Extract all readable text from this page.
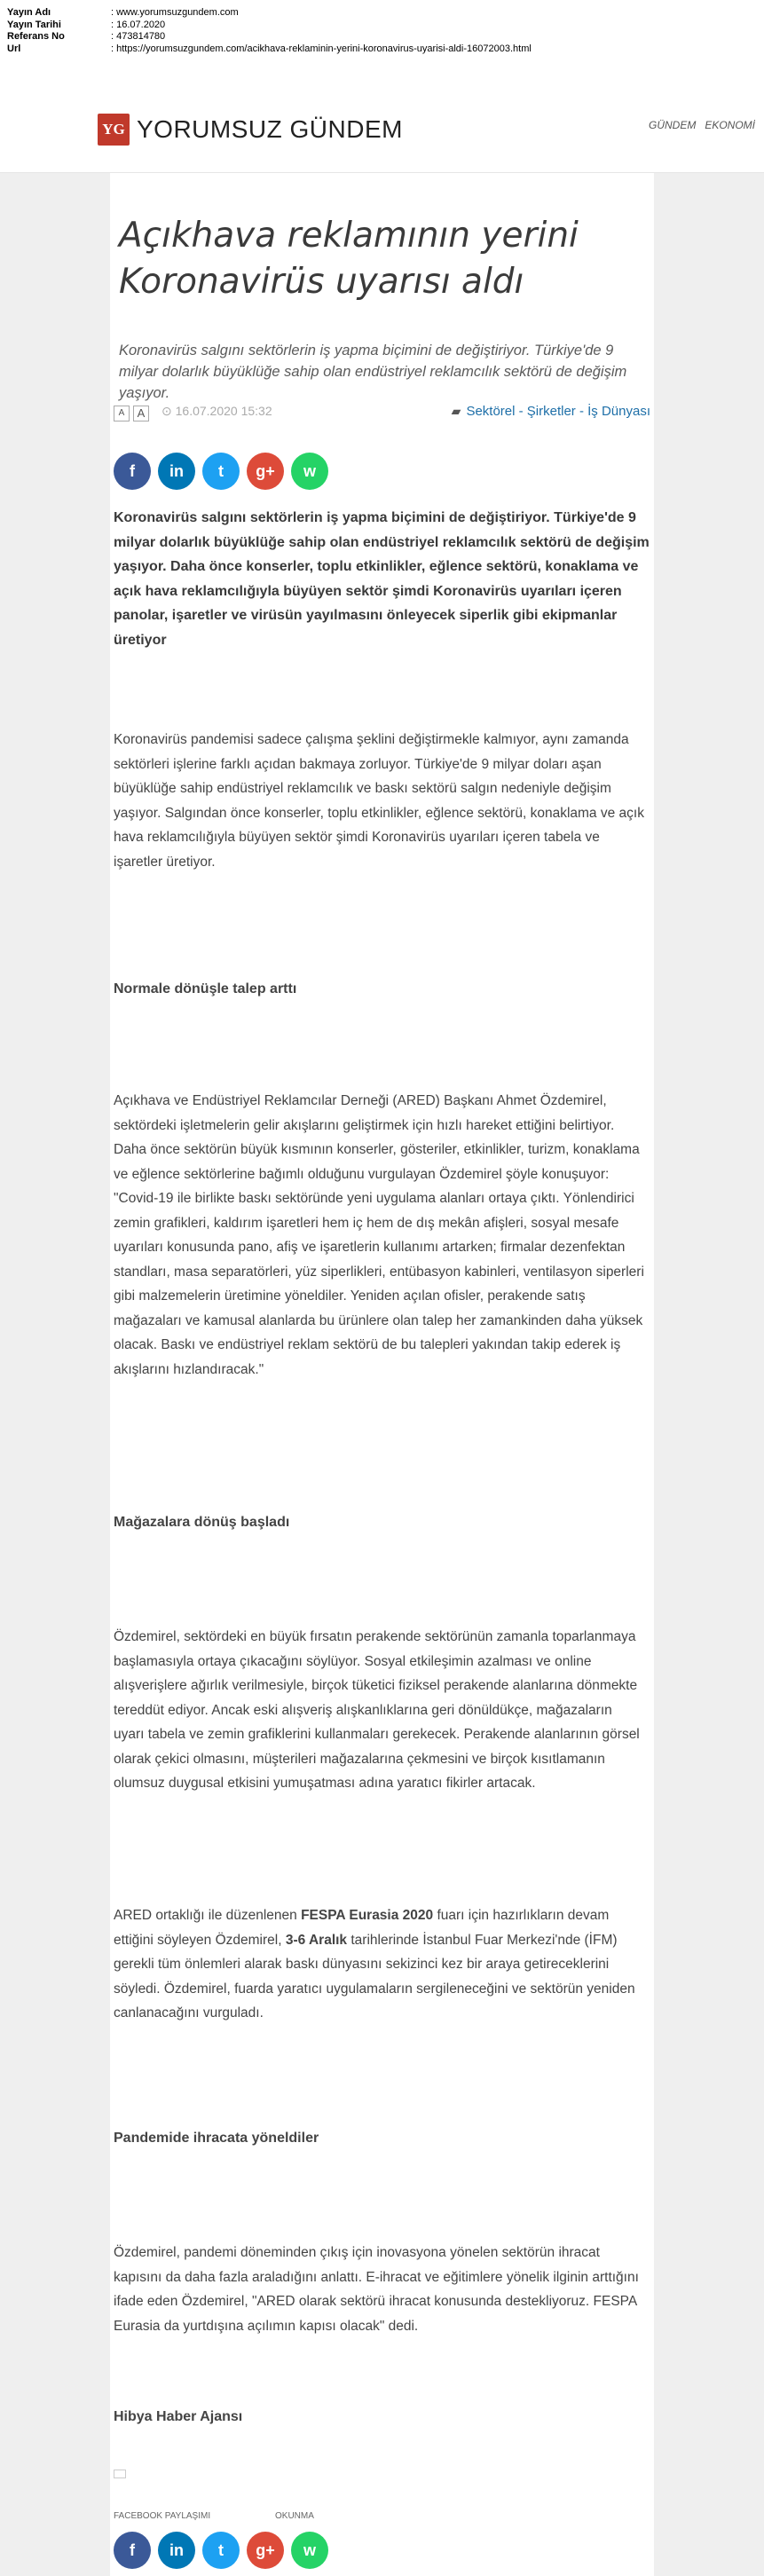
Yayın Adı	: www.yorumsuzgundem.com
Yayın Tarihi	: 16.07.2020
Referans No	: 473814780
Url	: https://yorumsuzgundem.com/acikhava-reklaminin-yerini-koronavirus-uyarisi-aldi-16072003.html
YG YORUMSUZ GÜNDEM	GÜNDEM EKONOMİ
Açıkhava reklamının yerini Koronavirüs uyarısı aldı
Koronavirüs salgını sektörlerin iş yapma biçimini de değiştiriyor. Türkiye'de 9 milyar dolarlık büyüklüğe sahip olan endüstriyel reklamcılık sektörü de değişim yaşıyor.
A	A	⊙ 16.07.2020 15:32	▰ Sektörel - Şirketler - İş Dünyası
f in t g+ w
Koronavirüs salgını sektörlerin iş yapma biçimini de değiştiriyor. Türkiye'de 9 milyar dolarlık büyüklüğe sahip olan endüstriyel reklamcılık sektörü de değişim yaşıyor. Daha önce konserler, toplu etkinlikler, eğlence sektörü, konaklama ve açık hava reklamcılığıyla büyüyen sektör şimdi Koronavirüs uyarıları içeren panolar, işaretler ve virüsün yayılmasını önleyecek siperlik gibi ekipmanlar üretiyor

Koronavirüs pandemisi sadece çalışma şeklini değiştirmekle kalmıyor, aynı zamanda sektörleri işlerine farklı açıdan bakmaya zorluyor. Türkiye'de 9 milyar doları aşan büyüklüğe sahip endüstriyel reklamcılık ve baskı sektörü salgın nedeniyle değişim yaşıyor. Salgından önce konserler, toplu etkinlikler, eğlence sektörü, konaklama ve açık hava reklamcılığıyla büyüyen sektör şimdi Koronavirüs uyarıları içeren tabela ve işaretler üretiyor.

Normale dönüşle talep arttı

Açıkhava ve Endüstriyel Reklamcılar Derneği (ARED) Başkanı Ahmet Özdemirel, sektördeki işletmelerin gelir akışlarını geliştirmek için hızlı hareket ettiğini belirtiyor. Daha önce sektörün büyük kısmının konserler, gösteriler, etkinlikler, turizm, konaklama ve eğlence sektörlerine bağımlı olduğunu vurgulayan Özdemirel şöyle konuşuyor: "Covid-19 ile birlikte baskı sektöründe yeni uygulama alanları ortaya çıktı. Yönlendirici zemin grafikleri, kaldırım işaretleri hem iç hem de dış mekân afişleri, sosyal mesafe uyarıları konusunda pano, afiş ve işaretlerin kullanımı artarken; firmalar dezenfektan standları, masa separatörleri, yüz siperlikleri, entübasyon kabinleri, ventilasyon siperleri gibi malzemelerin üretimine yöneldiler. Yeniden açılan ofisler, perakende satış mağazaları ve kamusal alanlarda bu ürünlere olan talep her zamankinden daha yüksek olacak. Baskı ve endüstriyel reklam sektörü de bu talepleri yakından takip ederek iş akışlarını hızlandıracak."

Mağazalara dönüş başladı

Özdemirel, sektördeki en büyük fırsatın perakende sektörünün zamanla toparlanmaya başlamasıyla ortaya çıkacağını söylüyor. Sosyal etkileşimin azalması ve online alışverişlere ağırlık verilmesiyle, birçok tüketici fiziksel perakende alanlarına dönmekte tereddüt ediyor. Ancak eski alışveriş alışkanlıklarına geri dönüldükçe, mağazaların uyarı tabela ve zemin grafiklerini kullanmaları gerekecek. Perakende alanlarının görsel olarak çekici olmasını, müşterileri mağazalarına çekmesini ve birçok kısıtlamanın olumsuz duygusal etkisini yumuşatması adına yaratıcı fikirler artacak.

ARED ortaklığı ile düzenlenen FESPA Eurasia 2020 fuarı için hazırlıkların devam ettiğini söyleyen Özdemirel, 3-6 Aralık tarihlerinde İstanbul Fuar Merkezi'nde (İFM) gerekli tüm önlemleri alarak baskı dünyasını sekizinci kez bir araya getireceklerini söyledi. Özdemirel, fuarda yaratıcı uygulamaların sergileneceğini ve sektörün yeniden canlanacağını vurguladı.

Pandemide ihracata yöneldiler

Özdemirel, pandemi döneminden çıkış için inovasyona yönelen sektörün ihracat kapısını da daha fazla araladığını anlattı. E-ihracat ve eğitimlere yönelik ilginin arttığını ifade eden Özdemirel, "ARED olarak sektörü ihracat konusunda destekliyoruz. FESPA Eurasia da yurtdışına açılımın kapısı olacak" dedi.

Hibya Haber Ajansı
FACEBOOK PAYLAŞIMI	OKUNMA
f in t g+ w
